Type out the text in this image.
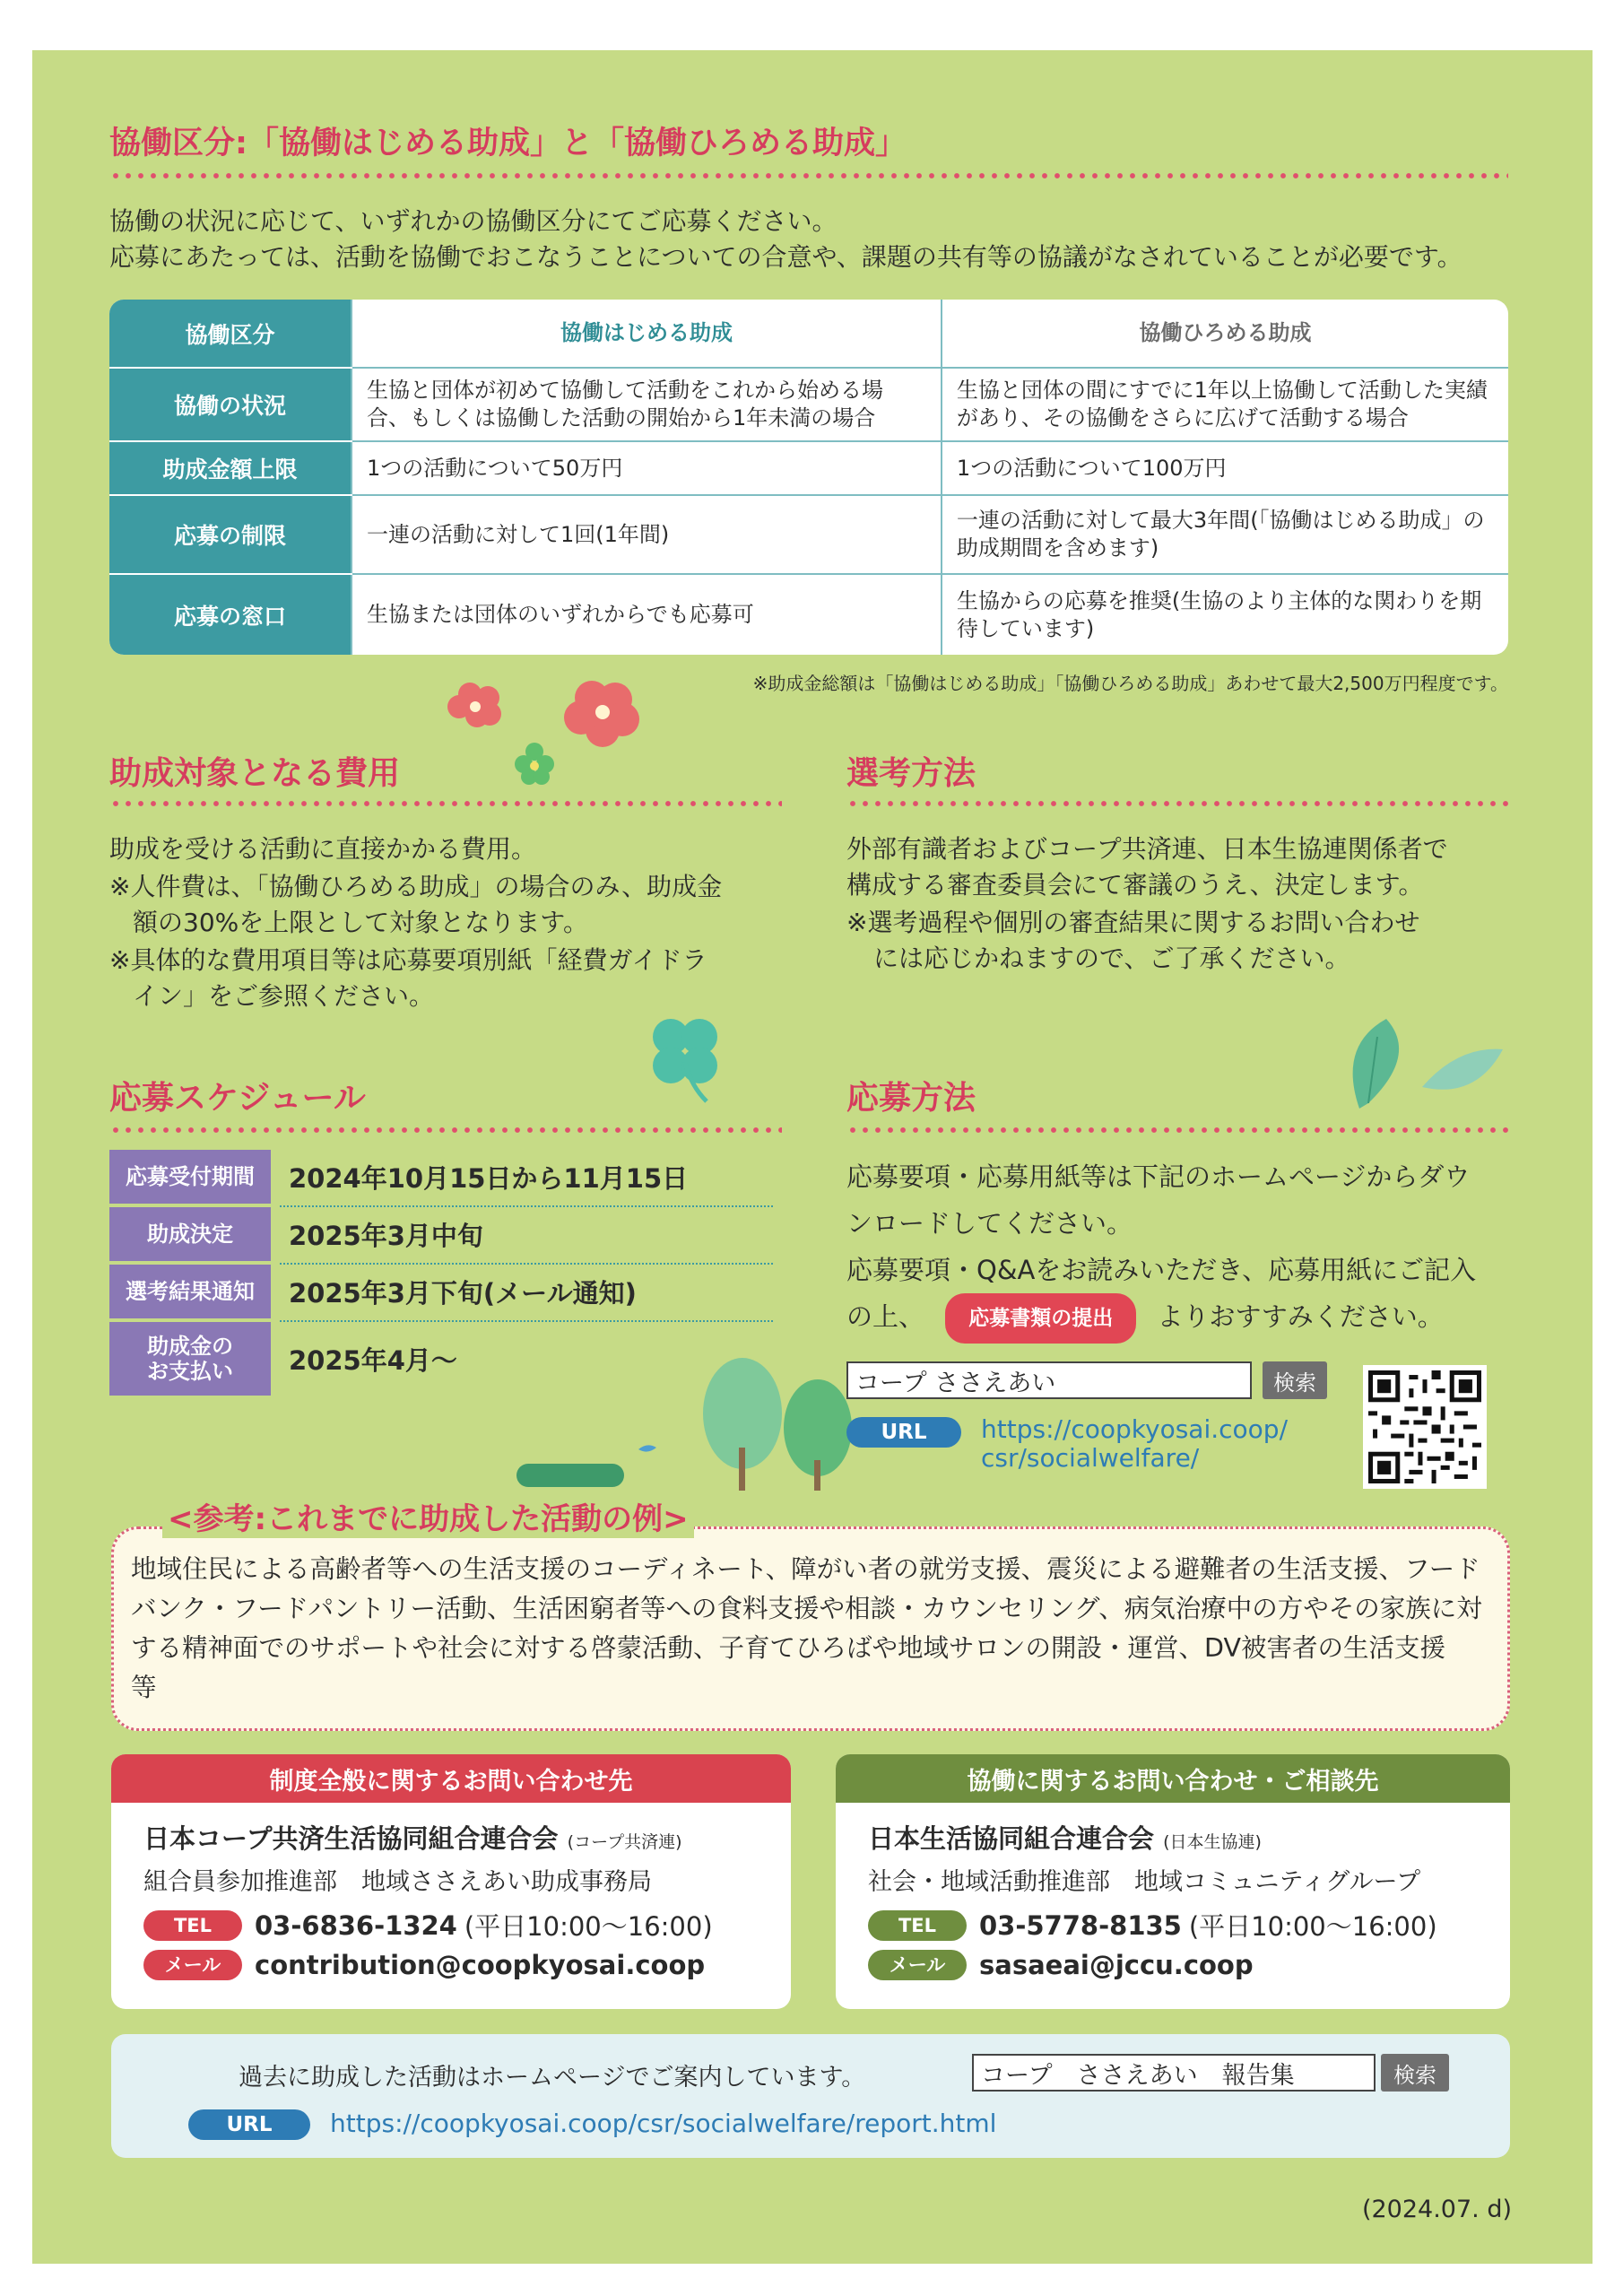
協働区分:「協働はじめる助成」と「協働ひろめる助成」
協働の状況に応じて、いずれかの協働区分にてご応募ください。
応募にあたっては、活動を協働でおこなうことについての合意や、課題の共有等の協議がなされていることが必要です。
協働区分	協働はじめる助成	協働ひろめる助成
協働の状況	生協と団体が初めて協働して活動をこれから始める場合、もしくは協働した活動の開始から1年未満の場合	生協と団体の間にすでに1年以上協働して活動した実績があり、その協働をさらに広げて活動する場合
助成金額上限	1つの活動について50万円	1つの活動について100万円
応募の制限	一連の活動に対して1回(1年間)	一連の活動に対して最大3年間(「協働はじめる助成」の助成期間を含めます)
応募の窓口	生協または団体のいずれからでも応募可	生協からの応募を推奨(生協のより主体的な関わりを期待しています)
※助成金総額は「協働はじめる助成」「協働ひろめる助成」あわせて最大2,500万円程度です。
助成対象となる費用
助成を受ける活動に直接かかる費用。
※人件費は、「協働ひろめる助成」の場合のみ、助成金
額の30%を上限として対象となります。
※具体的な費用項目等は応募要項別紙「経費ガイドラ
イン」をご参照ください。
選考方法
外部有識者およびコープ共済連、日本生協連関係者で
構成する審査委員会にて審議のうえ、決定します。
※選考過程や個別の審査結果に関するお問い合わせ
には応じかねますので、ご了承ください。
応募スケジュール
応募受付期間	2024年10月15日から11月15日
助成決定	2025年3月中旬
選考結果通知	2025年3月下旬(メール通知)
助成金の
お支払い	2025年4月〜
応募方法
応募要項・応募用紙等は下記のホームページからダウ
ンロードしてください。
応募要項・Q&Aをお読みいただき、応募用紙にご記入
の上、 応募書類の提出 よりおすすみください。
コープ ささえあい	検索
URL	https://coopkyosai.coop/
csr/socialwelfare/
<参考:これまでに助成した活動の例>
地域住民による高齢者等への生活支援のコーディネート、障がい者の就労支援、震災による避難者の生活支援、フードバンク・フードパントリー活動、生活困窮者等への食料支援や相談・カウンセリング、病気治療中の方やその家族に対する精神面でのサポートや社会に対する啓蒙活動、子育てひろばや地域サロンの開設・運営、DV被害者の生活支援　等
制度全般に関するお問い合わせ先
日本コープ共済生活協同組合連合会 (コープ共済連)
組合員参加推進部　地域ささえあい助成事務局
TEL	03-6836-1324 (平日10:00〜16:00)
メール	contribution@coopkyosai.coop
協働に関するお問い合わせ・ご相談先
日本生活協同組合連合会 (日本生協連)
社会・地域活動推進部　地域コミュニティグループ
TEL	03-5778-8135 (平日10:00〜16:00)
メール	sasaeai@jccu.coop
過去に助成した活動はホームページでご案内しています。	コープ　ささえあい　報告集	検索
URL	https://coopkyosai.coop/csr/socialwelfare/report.html
(2024.07. d)
